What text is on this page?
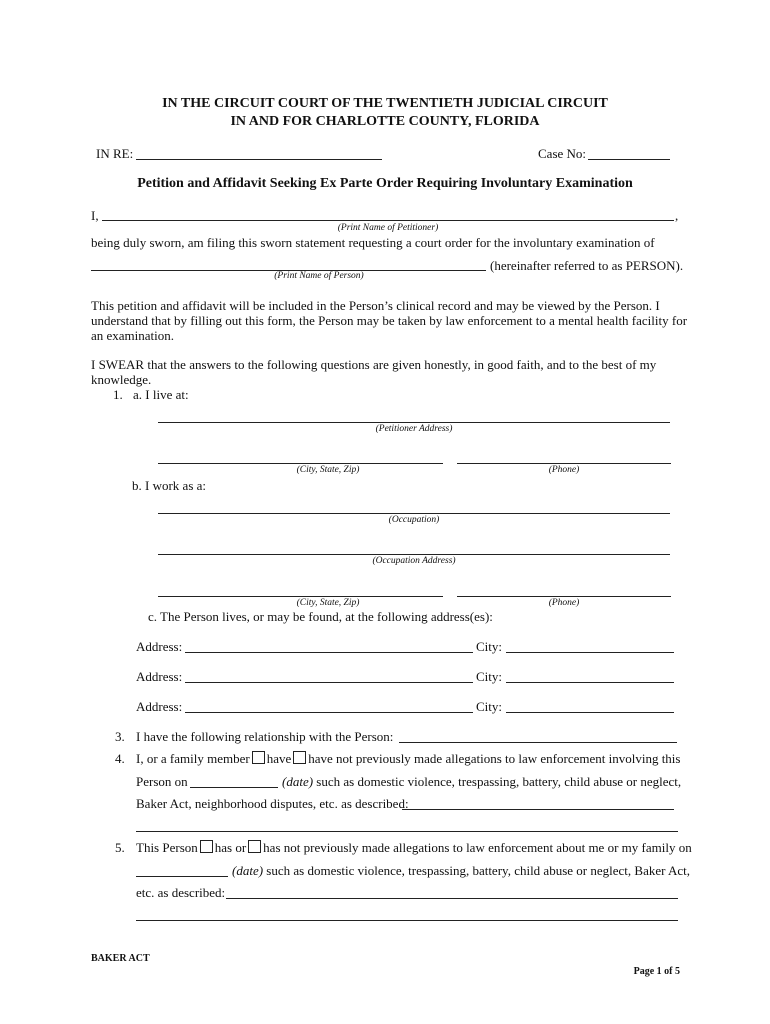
IN THE CIRCUIT COURT OF THE TWENTIETH JUDICIAL CIRCUIT
IN AND FOR CHARLOTTE COUNTY, FLORIDA
IN RE:	Case No:
Petition and Affidavit Seeking Ex Parte Order Requiring Involuntary Examination
I,	,
(Print Name of Petitioner)
being duly sworn, am filing this sworn statement requesting a court order for the involuntary examination of
(hereinafter referred to as PERSON).
(Print Name of Person)
This petition and affidavit will be included in the Person’s clinical record and may be viewed by the Person. I
understand that by filling out this form, the Person may be taken by law enforcement to a mental health facility for
an examination.
I SWEAR that the answers to the following questions are given honestly, in good faith, and to the best of my
knowledge.
1. a. I live at:
(Petitioner Address)
(City, State, Zip)	(Phone)
b. I work as a:
(Occupation)
(Occupation Address)
(City, State, Zip)	(Phone)
c. The Person lives, or may be found, at the following address(es):
Address:	City:
Address:	City:
Address:	City:
3. I have the following relationship with the Person:
4. I, or a family member have have not previously made allegations to law enforcement involving this
Person on	(date) such as domestic violence, trespassing, battery, child abuse or neglect,
Baker Act, neighborhood disputes, etc. as described:
5. This Person has or has not previously made allegations to law enforcement about me or my family on
(date) such as domestic violence, trespassing, battery, child abuse or neglect, Baker Act,
etc. as described:
BAKER ACT
Page 1 of 5
